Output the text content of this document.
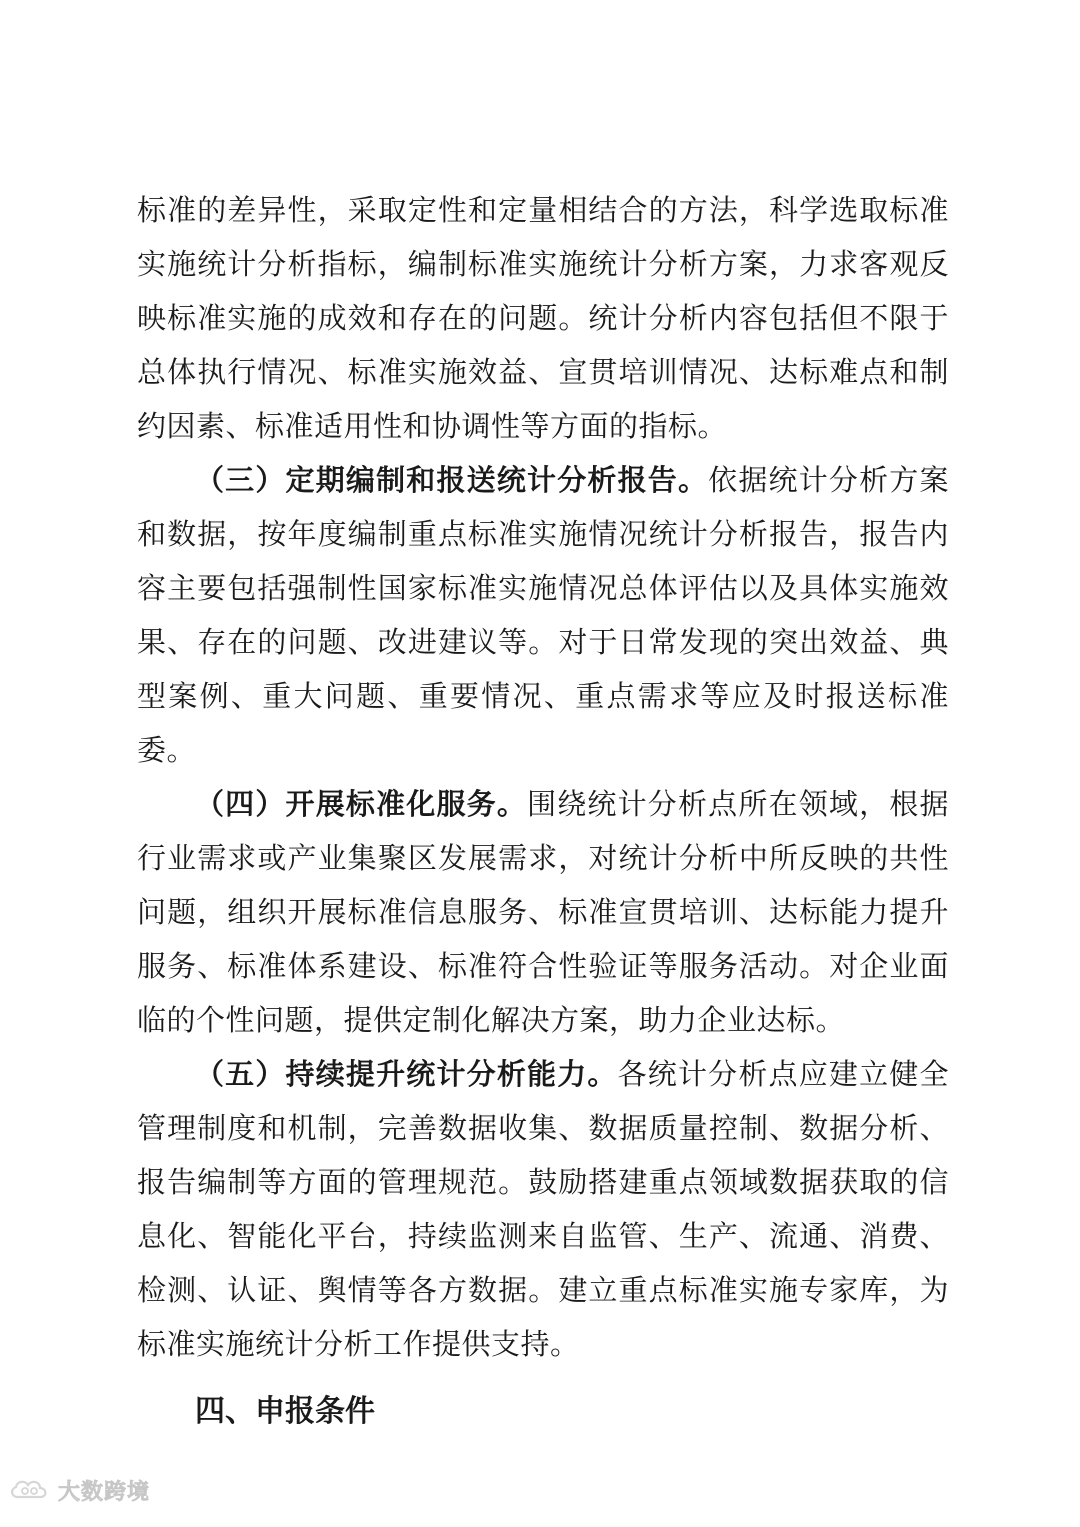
标准的差异性，采取定性和定量相结合的方法，科学选取标准实施统计分析指标，编制标准实施统计分析方案，力求客观反映标准实施的成效和存在的问题。统计分析内容包括但不限于总体执行情况、标准实施效益、宣贯培训情况、达标难点和制约因素、标准适用性和协调性等方面的指标。

（三）定期编制和报送统计分析报告。依据统计分析方案和数据，按年度编制重点标准实施情况统计分析报告，报告内容主要包括强制性国家标准实施情况总体评估以及具体实施效果、存在的问题、改进建议等。对于日常发现的突出效益、典型案例、重大问题、重要情况、重点需求等应及时报送标准委。

（四）开展标准化服务。围绕统计分析点所在领域，根据行业需求或产业集聚区发展需求，对统计分析中所反映的共性问题，组织开展标准信息服务、标准宣贯培训、达标能力提升服务、标准体系建设、标准符合性验证等服务活动。对企业面临的个性问题，提供定制化解决方案，助力企业达标。

（五）持续提升统计分析能力。各统计分析点应建立健全管理制度和机制，完善数据收集、数据质量控制、数据分析、报告编制等方面的管理规范。鼓励搭建重点领域数据获取的信息化、智能化平台，持续监测来自监管、生产、流通、消费、检测、认证、舆情等各方数据。建立重点标准实施专家库，为标准实施统计分析工作提供支持。

四、申报条件
大数跨境
